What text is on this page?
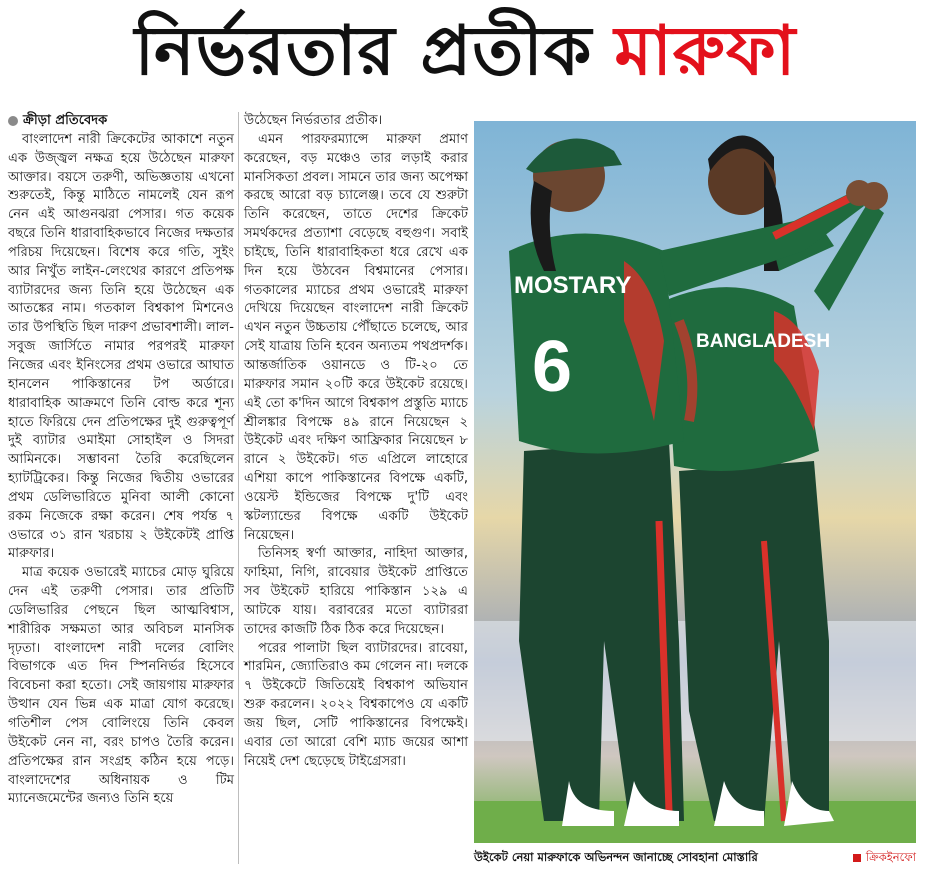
নির্ভরতার প্রতীক মারুফা
ক্রীড়া প্রতিবেদক

বাংলাদেশ নারী ক্রিকেটের আকাশে নতুন এক উজ্জ্বল নক্ষত্র হয়ে উঠেছেন মারুফা আক্তার। বয়সে তরুণী, অভিজ্ঞতায় এখনো শুরুতেই, কিন্তু মাঠিতে নামলেই যেন রূপ নেন এই আগুনঝরা পেসার। গত কয়েক বছরে তিনি ধারাবাহিকভাবে নিজের দক্ষতার পরিচয় দিয়েছেন। বিশেষ করে গতি, সুইং আর নিখুঁত লাইন-লেংথের কারণে প্রতিপক্ষ ব্যাটারদের জন্য তিনি হয়ে উঠেছেন এক আতঙ্কের নাম। গতকাল বিশ্বকাপ মিশনেও তার উপস্থিতি ছিল দারুণ প্রভাবশালী। লাল-সবুজ জার্সিতে নামার পরপরই মারুফা নিজের এবং ইনিংসের প্রথম ওভারে আঘাত হানলেন পাকিস্তানের টপ অর্ডারে। ধারাবাহিক আক্রমণে তিনি বোল্ড করে শূন্য হাতে ফিরিয়ে দেন প্রতিপক্ষের দুই গুরুত্বপূর্ণ দুই ব্যাটার ওমাইমা সোহাইল ও সিদরা আমিনকে। সম্ভাবনা তৈরি করেছিলেন হ্যাটট্রিকের। কিন্তু নিজের দ্বিতীয় ওভারের প্রথম ডেলিভারিতে মুনিবা আলী কোনো রকম নিজেকে রক্ষা করেন। শেষ পর্যন্ত ৭ ওভারে ৩১ রান খরচায় ২ উইকেটই প্রাপ্তি মারুফার।

মাত্র কয়েক ওভারেই ম্যাচের মোড় ঘুরিয়ে দেন এই তরুণী পেসার। তার প্রতিটি ডেলিভারির পেছনে ছিল আত্মবিশ্বাস, শারীরিক সক্ষমতা আর অবিচল মানসিক দৃঢ়তা। বাংলাদেশ নারী দলের বোলিং বিভাগকে এত দিন স্পিননির্ভর হিসেবে বিবেচনা করা হতো। সেই জায়গায় মারুফার উত্থান যেন ভিন্ন এক মাত্রা যোগ করেছে। গতিশীল পেস বোলিংয়ে তিনি কেবল উইকেট নেন না, বরং চাপও তৈরি করেন। প্রতিপক্ষের রান সংগ্রহ কঠিন হয়ে পড়ে। বাংলাদেশের অধিনায়ক ও টিম ম্যানেজমেন্টের জন্যও তিনি হয়ে

উঠেছেন নির্ভরতার প্রতীক।

এমন পারফরম্যান্সে মারুফা প্রমাণ করেছেন, বড় মঞ্চেও তার লড়াই করার মানসিকতা প্রবল। সামনে তার জন্য অপেক্ষা করছে আরো বড় চ্যালেঞ্জ। তবে যে শুরুটা তিনি করেছেন, তাতে দেশের ক্রিকেট সমর্থকদের প্রত্যাশা বেড়েছে বহুগুণ। সবাই চাইছে, তিনি ধারাবাহিকতা ধরে রেখে এক দিন হয়ে উঠবেন বিশ্বমানের পেসার। গতকালের ম্যাচের প্রথম ওভারেই মারুফা দেখিয়ে দিয়েছেন বাংলাদেশ নারী ক্রিকেট এখন নতুন উচ্চতায় পৌঁছাতে চলেছে, আর সেই যাত্রায় তিনি হবেন অন্যতম পথপ্রদর্শক। আন্তর্জাতিক ওয়ানডে ও টি-২০ তে মারুফার সমান ২০টি করে উইকেট রয়েছে। এই তো ক'দিন আগে বিশ্বকাপ প্রস্তুতি ম্যাচে শ্রীলঙ্কার বিপক্ষে ৪৯ রানে নিয়েছেন ২ উইকেট এবং দক্ষিণ আফ্রিকার নিয়েছেন ৮ রানে ২ উইকেট। গত এপ্রিলে লাহোরে এশিয়া কাপে পাকিস্তানের বিপক্ষে একটি, ওয়েস্ট ইন্ডিজের বিপক্ষে দু'টি এবং স্কটল্যান্ডের বিপক্ষে একটি উইকেট নিয়েছেন।

তিনিসহ স্বর্ণা আক্তার, নাহিদা আক্তার, ফাহিমা, নিগি, রাবেয়ার উইকেট প্রাপ্তিতে সব উইকেট হারিয়ে পাকিস্তান ১২৯ এ আটকে যায়। বরাবরের মতো ব্যাটাররা তাদের কাজটি ঠিক ঠিক করে দিয়েছেন।

পরের পালাটা ছিল ব্যাটারদের। রাবেয়া, শারমিন, জ্যোতিরাও কম গেলেন না। দলকে ৭ উইকেটে জিতিয়েই বিশ্বকাপ অভিযান শুরু করলেন। ২০২২ বিশ্বকাপেও যে একটি জয় ছিল, সেটি পাকিস্তানের বিপক্ষেই। এবার তো আরো বেশি ম্যাচ জয়ের আশা নিয়েই দেশ ছেড়েছে টাইগ্রেসরা।

BANGLADESH
MOSTARY
6
উইকেট নেয়া মারুফাকে অভিনন্দন জানাচ্ছে সোবহানা মোস্তারি	ক্রিকইনফো
